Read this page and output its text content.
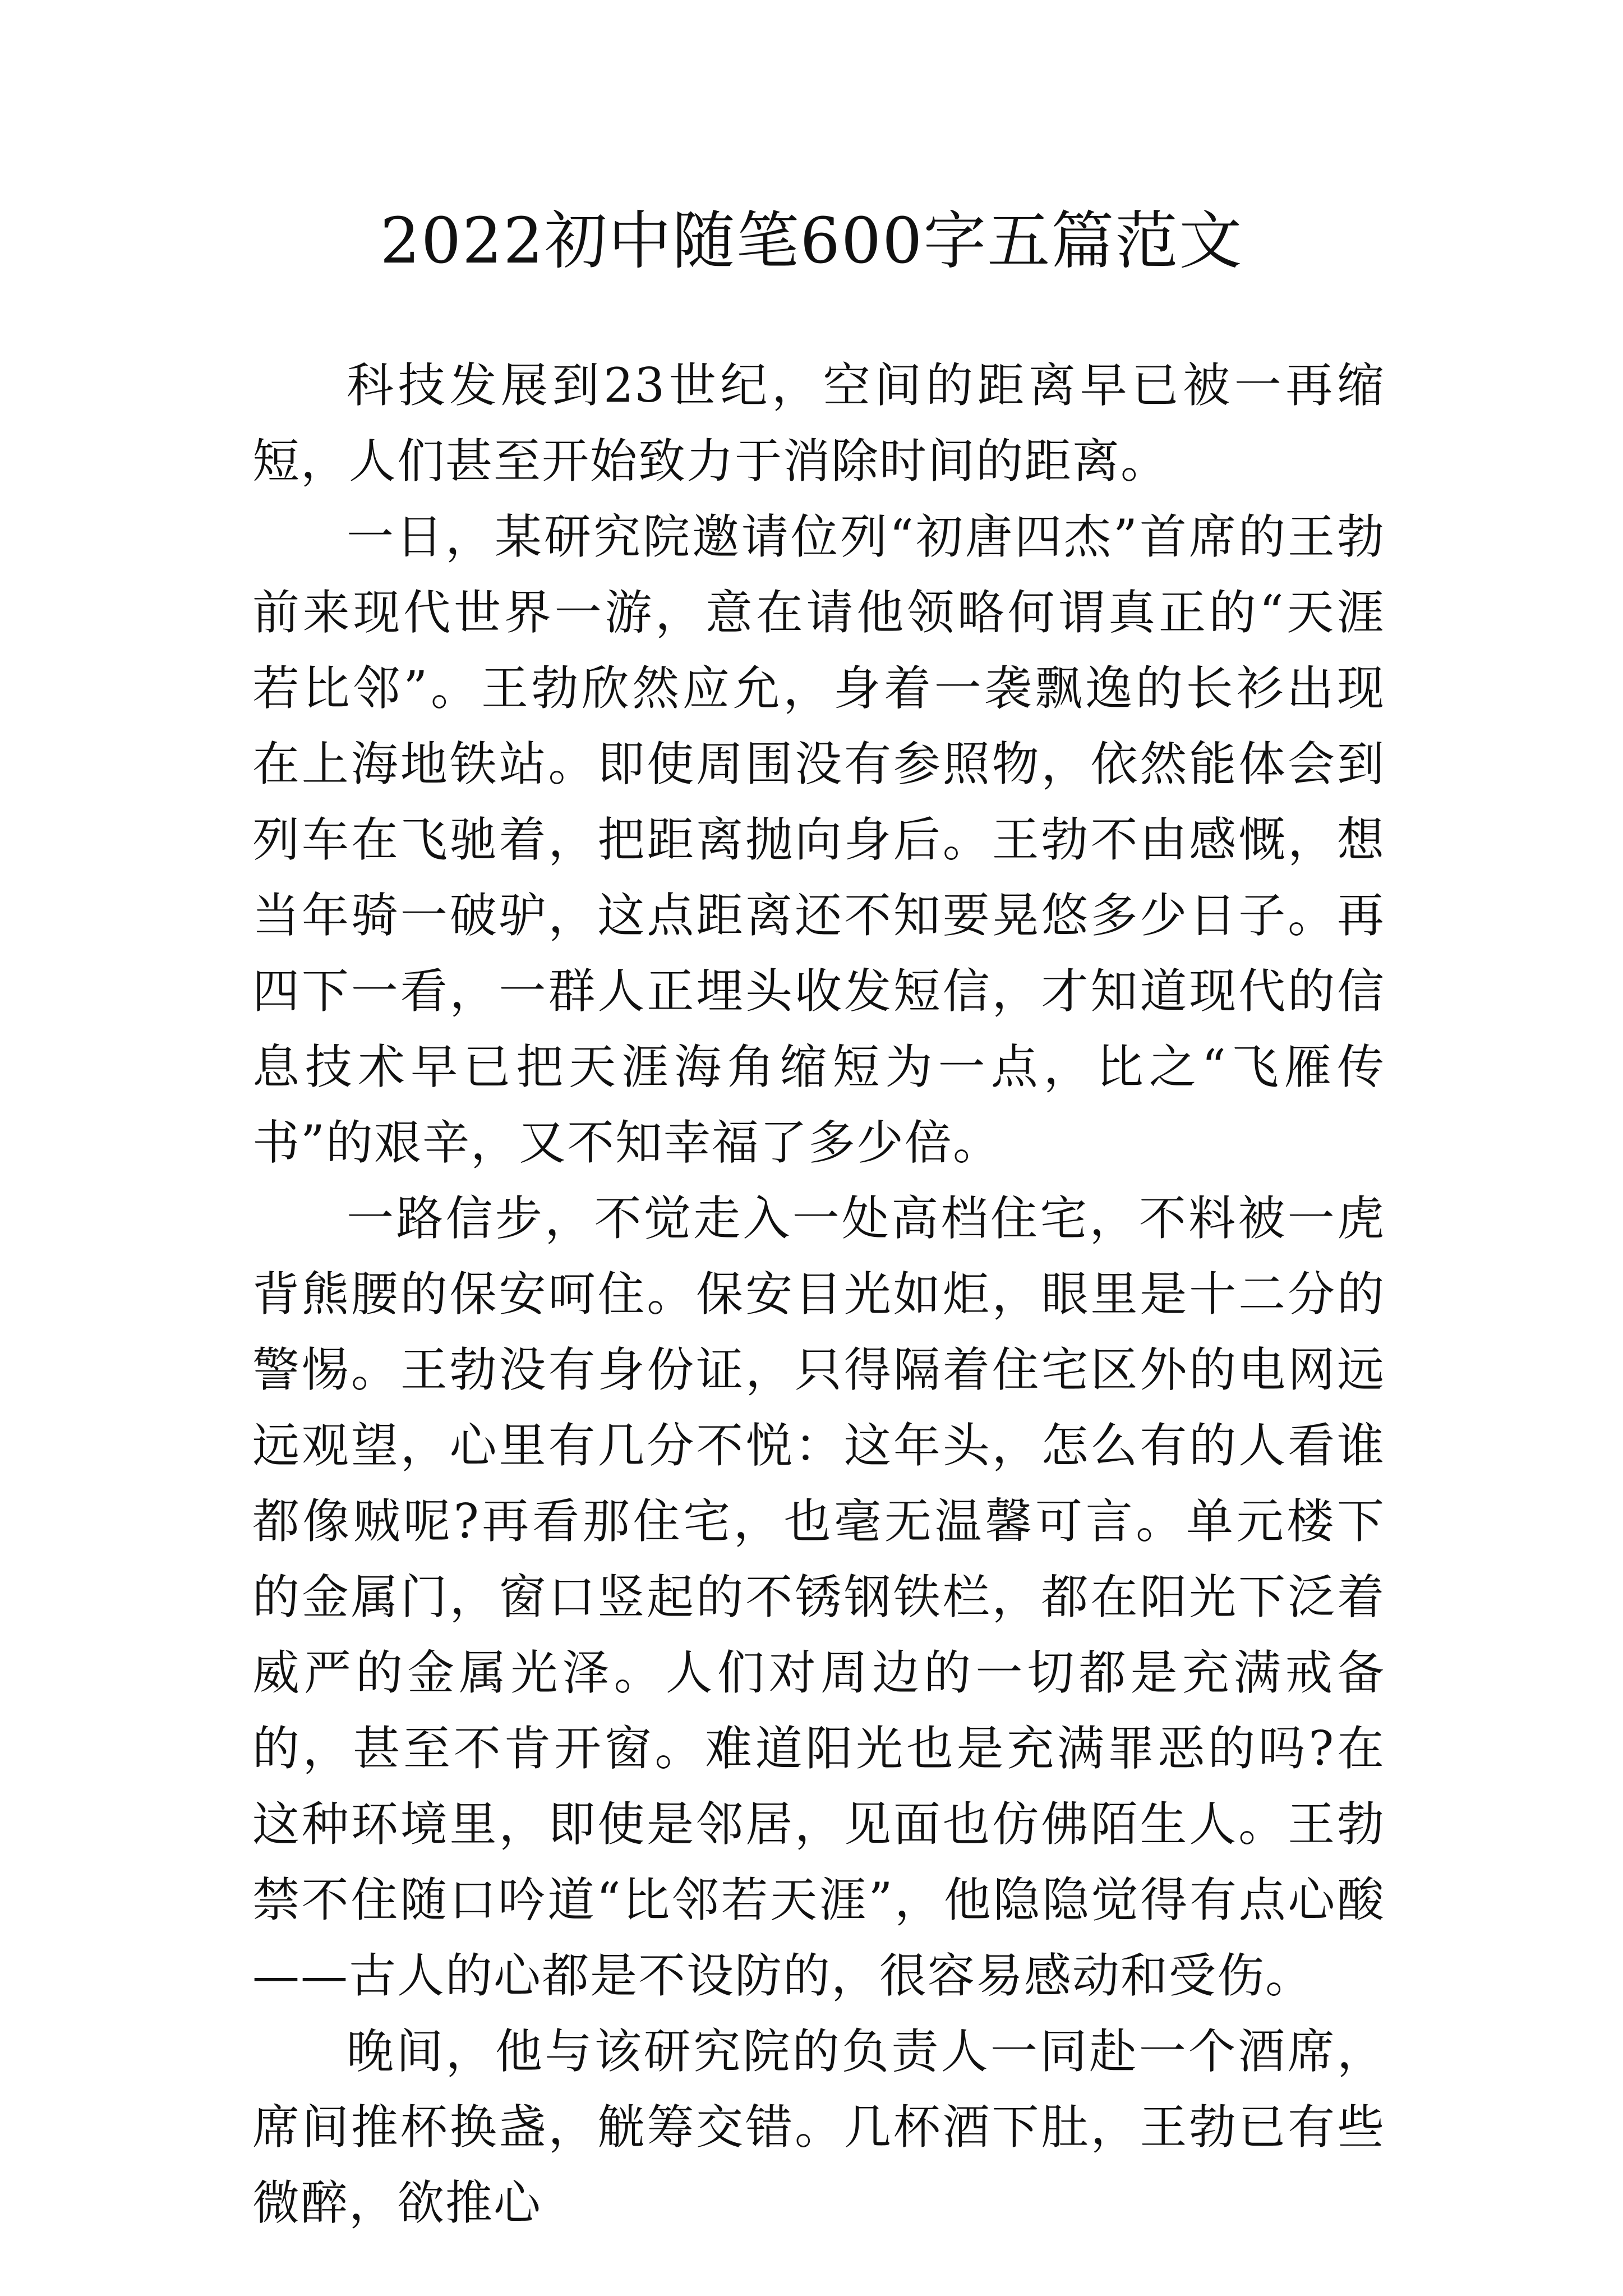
2022初中随笔600字五篇范文

科技发展到23世纪，空间的距离早已被一再缩短，人们甚至开始致力于消除时间的距离。

一日，某研究院邀请位列“初唐四杰”首席的王勃前来现代世界一游，意在请他领略何谓真正的“天涯若比邻”。王勃欣然应允，身着一袭飘逸的长衫出现在上海地铁站。即使周围没有参照物，依然能体会到列车在飞驰着，把距离抛向身后。王勃不由感慨，想当年骑一破驴，这点距离还不知要晃悠多少日子。再四下一看，一群人正埋头收发短信，才知道现代的信息技术早已把天涯海角缩短为一点，比之“飞雁传书”的艰辛，又不知幸福了多少倍。

一路信步，不觉走入一处高档住宅，不料被一虎背熊腰的保安呵住。保安目光如炬，眼里是十二分的警惕。王勃没有身份证，只得隔着住宅区外的电网远远观望，心里有几分不悦：这年头，怎么有的人看谁都像贼呢?再看那住宅，也毫无温馨可言。单元楼下的金属门，窗口竖起的不锈钢铁栏，都在阳光下泛着威严的金属光泽。人们对周边的一切都是充满戒备的，甚至不肯开窗。难道阳光也是充满罪恶的吗?在这种环境里，即使是邻居，见面也仿佛陌生人。王勃禁不住随口吟道“比邻若天涯”，他隐隐觉得有点心酸——古人的心都是不设防的，很容易感动和受伤。

晚间，他与该研究院的负责人一同赴一个酒席，席间推杯换盏，觥筹交错。几杯酒下肚，王勃已有些微醉，欲推心
